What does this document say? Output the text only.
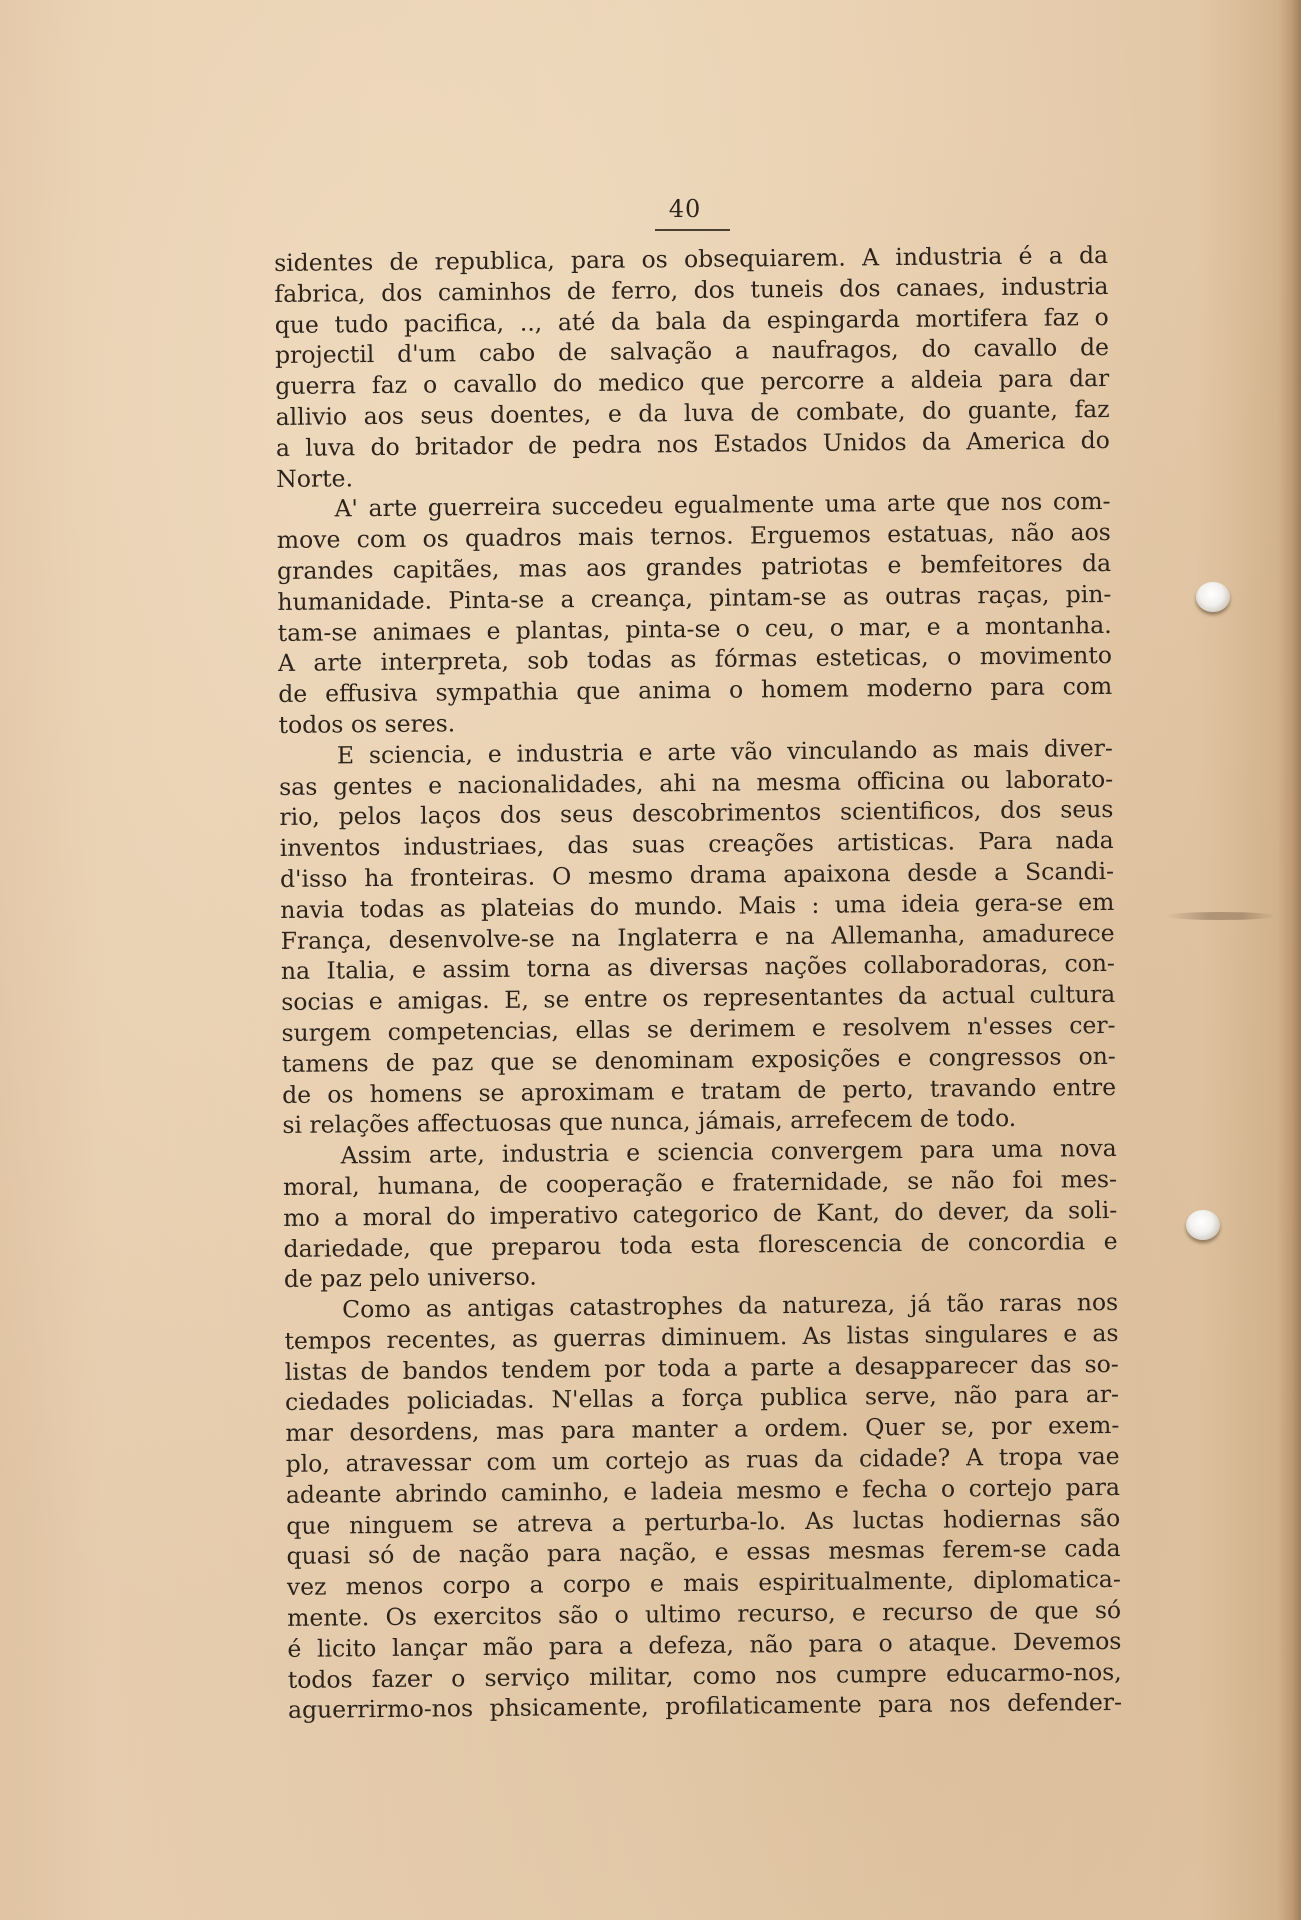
40
sidentes de republica, para os obsequiarem. A industria é a da
fabrica, dos caminhos de ferro, dos tuneis dos canaes, industria
que tudo pacifica, .., até da bala da espingarda mortifera faz o
projectil d'um cabo de salvação a naufragos, do cavallo de
guerra faz o cavallo do medico que percorre a aldeia para dar
allivio aos seus doentes, e da luva de combate, do guante, faz
a luva do britador de pedra nos Estados Unidos da America do
Norte.
A' arte guerreira succedeu egualmente uma arte que nos com-
move com os quadros mais ternos. Erguemos estatuas, não aos
grandes capitães, mas aos grandes patriotas e bemfeitores da
humanidade. Pinta-se a creança, pintam-se as outras raças, pin-
tam-se animaes e plantas, pinta-se o ceu, o mar, e a montanha.
A arte interpreta, sob todas as fórmas esteticas, o movimento
de effusiva sympathia que anima o homem moderno para com
todos os seres.
E sciencia, e industria e arte vão vinculando as mais diver-
sas gentes e nacionalidades, ahi na mesma officina ou laborato-
rio, pelos laços dos seus descobrimentos scientificos, dos seus
inventos industriaes, das suas creações artisticas. Para nada
d'isso ha fronteiras. O mesmo drama apaixona desde a Scandi-
navia todas as plateias do mundo. Mais : uma ideia gera-se em
França, desenvolve-se na Inglaterra e na Allemanha, amadurece
na Italia, e assim torna as diversas nações collaboradoras, con-
socias e amigas. E, se entre os representantes da actual cultura
surgem competencias, ellas se derimem e resolvem n'esses cer-
tamens de paz que se denominam exposições e congressos on-
de os homens se aproximam e tratam de perto, travando entre
si relações affectuosas que nunca, jámais, arrefecem de todo.
Assim arte, industria e sciencia convergem para uma nova
moral, humana, de cooperação e fraternidade, se não foi mes-
mo a moral do imperativo categorico de Kant, do dever, da soli-
dariedade, que preparou toda esta florescencia de concordia e
de paz pelo universo.
Como as antigas catastrophes da natureza, já tão raras nos
tempos recentes, as guerras diminuem. As listas singulares e as
listas de bandos tendem por toda a parte a desapparecer das so-
ciedades policiadas. N'ellas a força publica serve, não para ar-
mar desordens, mas para manter a ordem. Quer se, por exem-
plo, atravessar com um cortejo as ruas da cidade? A tropa vae
adeante abrindo caminho, e ladeia mesmo e fecha o cortejo para
que ninguem se atreva a perturba-lo. As luctas hodiernas são
quasi só de nação para nação, e essas mesmas ferem-se cada
vez menos corpo a corpo e mais espiritualmente, diplomatica-
mente. Os exercitos são o ultimo recurso, e recurso de que só
é licito lançar mão para a defeza, não para o ataque. Devemos
todos fazer o serviço militar, como nos cumpre educarmo-nos,
aguerrirmo-nos phsicamente, profilaticamente para nos defender-
